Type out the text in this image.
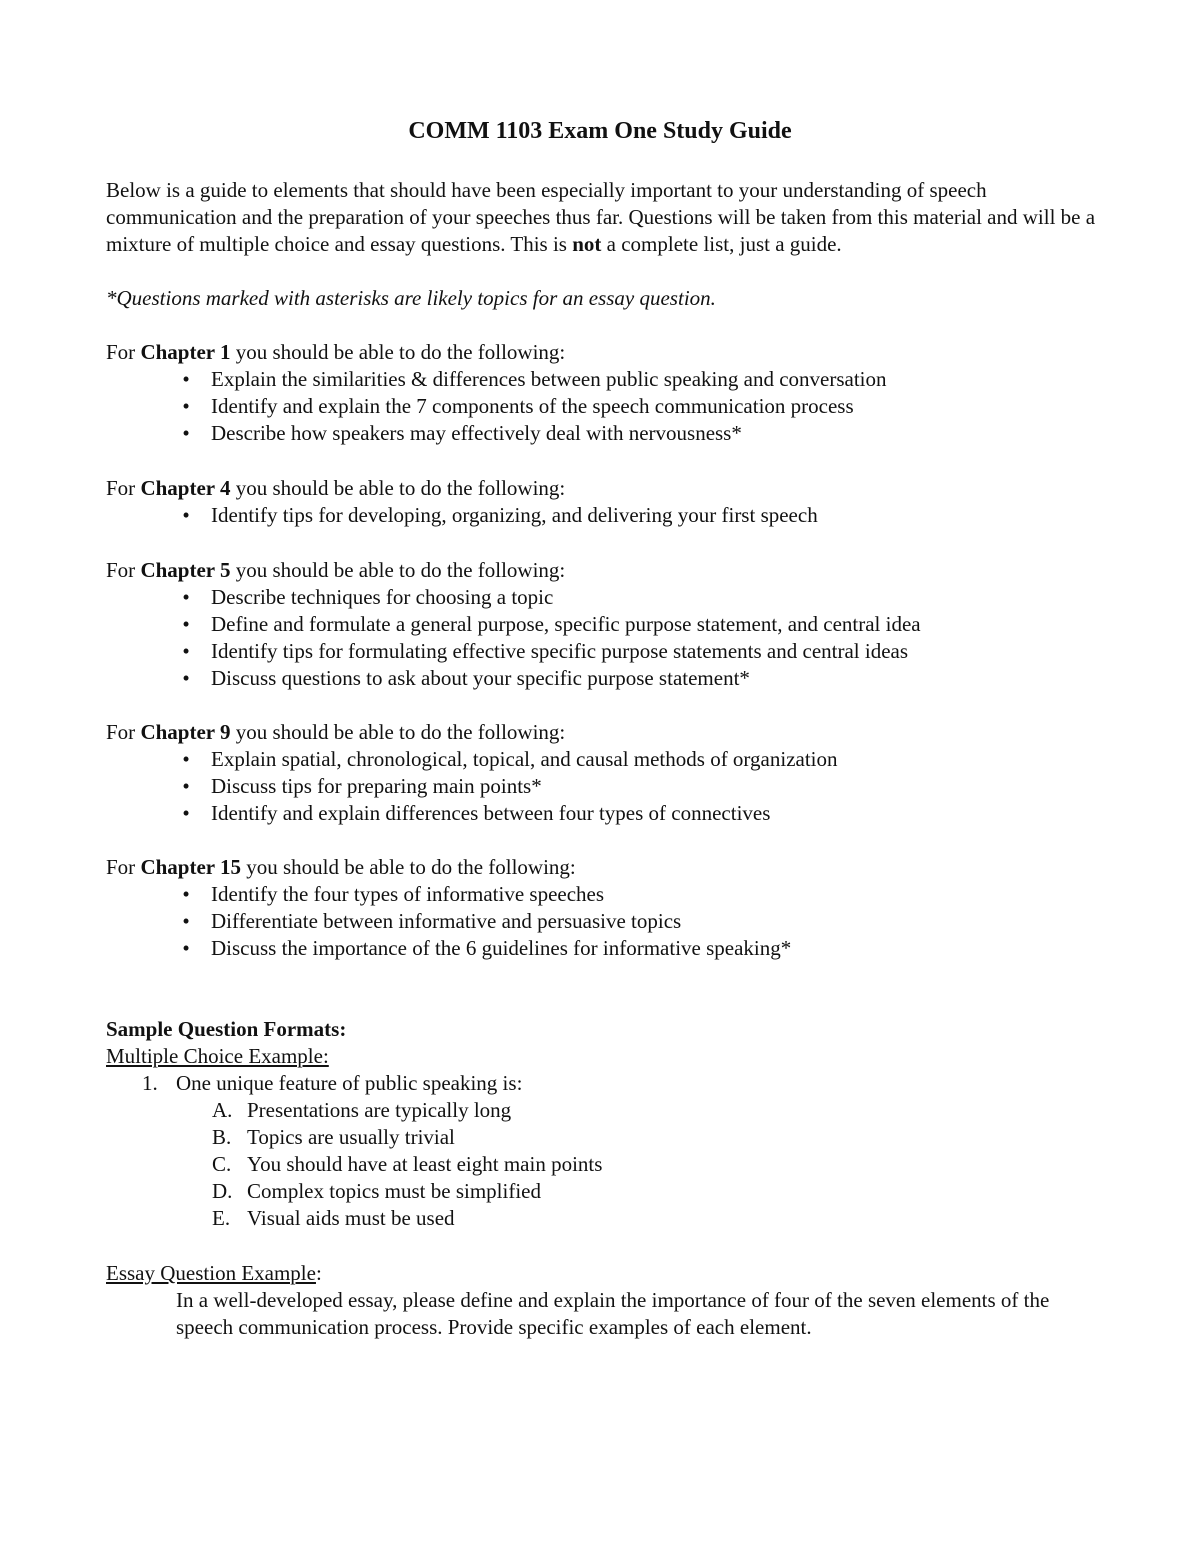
COMM 1103 Exam One Study Guide

Below is a guide to elements that should have been especially important to your understanding of speech communication and the preparation of your speeches thus far. Questions will be taken from this material and will be a mixture of multiple choice and essay questions. This is not a complete list, just a guide.

*Questions marked with asterisks are likely topics for an essay question.

For Chapter 1 you should be able to do the following:
•	Explain the similarities & differences between public speaking and conversation
•	Identify and explain the 7 components of the speech communication process
•	Describe how speakers may effectively deal with nervousness*
For Chapter 4 you should be able to do the following:
•	Identify tips for developing, organizing, and delivering your first speech
For Chapter 5 you should be able to do the following:
•	Describe techniques for choosing a topic
•	Define and formulate a general purpose, specific purpose statement, and central idea
•	Identify tips for formulating effective specific purpose statements and central ideas
•	Discuss questions to ask about your specific purpose statement*
For Chapter 9 you should be able to do the following:
•	Explain spatial, chronological, topical, and causal methods of organization
•	Discuss tips for preparing main points*
•	Identify and explain differences between four types of connectives
For Chapter 15 you should be able to do the following:
•	Identify the four types of informative speeches
•	Differentiate between informative and persuasive topics
•	Discuss the importance of the 6 guidelines for informative speaking*
Sample Question Formats:
Multiple Choice Example:
1. One unique feature of public speaking is:
A. Presentations are typically long
B. Topics are usually trivial
C. You should have at least eight main points
D. Complex topics must be simplified
E. Visual aids must be used
Essay Question Example:
In a well-developed essay, please define and explain the importance of four of the seven elements of the speech communication process. Provide specific examples of each element.
